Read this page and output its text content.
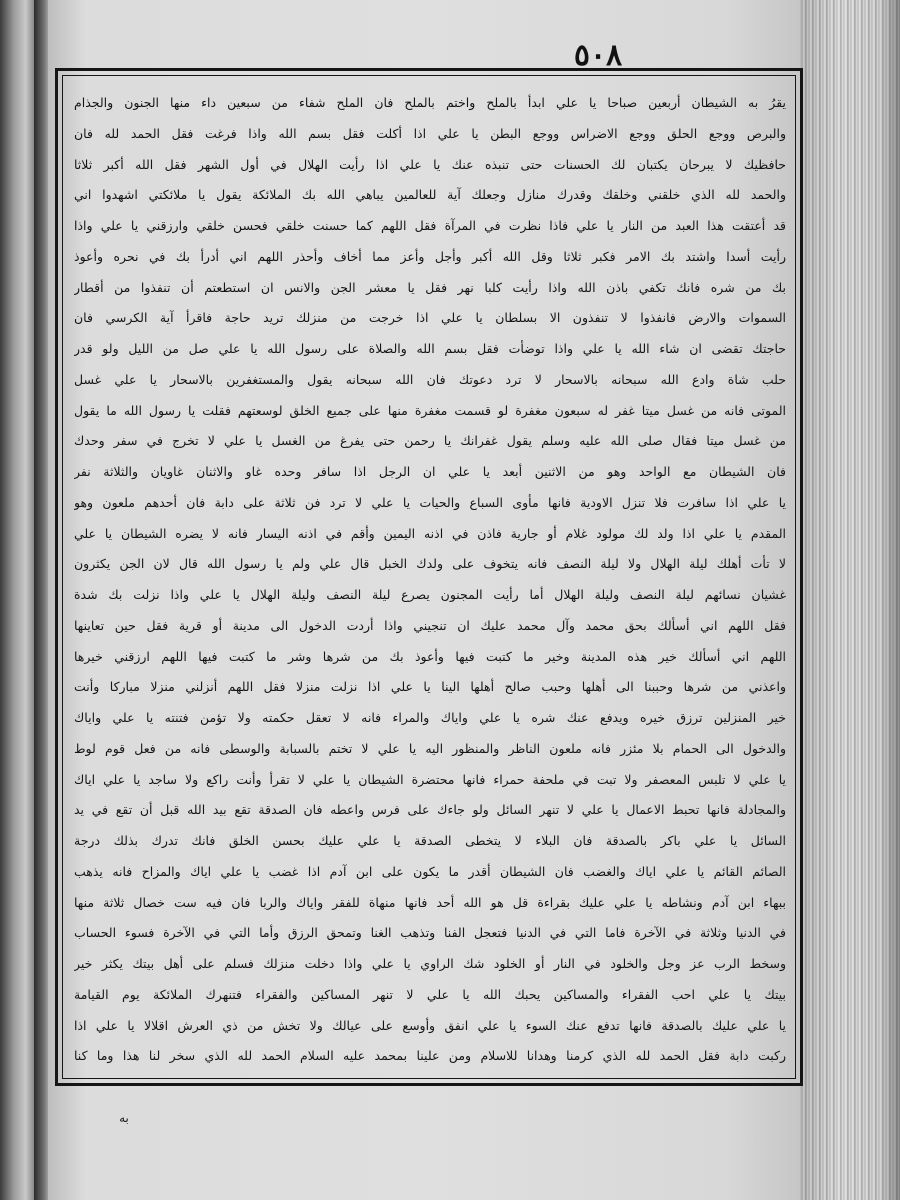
٥٠٨
يقرُ به الشيطان أربعين صباحا يا علي ابدأ بالملح واختم بالملح فان الملح شفاء من سبعين داء منها الجنون والجذام
والبرص ووجع الحلق ووجع الاضراس ووجع البطن يا علي اذا أكلت فقل بسم الله واذا فرغت فقل الحمد لله فان
حافظيك لا يبرحان يكتبان لك الحسنات حتى تنبذه عنك يا علي اذا رأيت الهلال في أول الشهر فقل الله أكبر ثلاثا
والحمد لله الذي خلقني وخلقك وقدرك منازل وجعلك آية للعالمين يباهي الله بك الملائكة يقول يا ملائكتي اشهدوا اني
قد أعتقت هذا العبد من النار يا علي فاذا نظرت في المرآة فقل اللهم كما حسنت خلقي فحسن خلقي وارزقني يا علي واذا
رأيت أسدا واشتد بك الامر فكبر ثلاثا وقل الله أكبر وأجل وأعز مما أخاف وأحذر اللهم اني أدرأ بك في نحره وأعوذ
بك من شره فانك تكفي باذن الله واذا رأيت كلبا نهر فقل يا معشر الجن والانس ان استطعتم أن تنفذوا من أقطار
السموات والارض فانفذوا لا تنفذون الا بسلطان يا علي اذا خرجت من منزلك تريد حاجة فاقرأ آية الكرسي فان
حاجتك تقضى ان شاء الله يا علي واذا توضأت فقل بسم الله والصلاة على رسول الله يا علي صل من الليل ولو قدر
حلب شاة وادع الله سبحانه بالاسحار لا ترد دعوتك فان الله سبحانه يقول والمستغفرين بالاسحار يا علي غسل
الموتى فانه من غسل ميتا غفر له سبعون مغفرة لو قسمت مغفرة منها على جميع الخلق لوسعتهم فقلت يا رسول الله ما يقول
من غسل ميتا فقال صلى الله عليه وسلم يقول غفرانك يا رحمن حتى يفرغ من الغسل يا علي لا تخرج في سفر وحدك
فان الشيطان مع الواحد وهو من الاثنين أبعد يا علي ان الرجل اذا سافر وحده غاو والاثنان غاويان والثلاثة نفر
يا علي اذا سافرت فلا تنزل الاودية فانها مأوى السباع والحيات يا علي لا ترد فن ثلاثة على دابة فان أحدهم ملعون وهو
المقدم يا علي اذا ولد لك مولود غلام أو جارية فاذن في اذنه اليمين وأقم في اذنه اليسار فانه لا يضره الشيطان يا علي
لا تأت أهلك ليلة الهلال ولا ليلة النصف فانه يتخوف على ولدك الخبل قال علي ولم يا رسول الله قال لان الجن يكثرون
غشيان نسائهم ليلة النصف وليلة الهلال أما رأيت المجنون يصرع ليلة النصف وليلة الهلال يا علي واذا نزلت بك شدة
فقل اللهم اني أسألك بحق محمد وآل محمد عليك ان تنجيني واذا أردت الدخول الى مدينة أو قرية فقل حين تعاينها
اللهم اني أسألك خير هذه المدينة وخير ما كتبت فيها وأعوذ بك من شرها وشر ما كتبت فيها اللهم ارزقني خيرها
واعذني من شرها وحببنا الى أهلها وحبب صالح أهلها الينا يا علي اذا نزلت منزلا فقل اللهم أنزلني منزلا مباركا وأنت
خير المنزلين ترزق خيره ويدفع عنك شره يا علي واياك والمراء فانه لا تعقل حكمته ولا تؤمن فتنته يا علي واياك
والدخول الى الحمام بلا مئزر فانه ملعون الناظر والمنظور اليه يا علي لا تختم بالسبابة والوسطى فانه من فعل قوم لوط
يا علي لا تلبس المعصفر ولا تبت في ملحفة حمراء فانها محتضرة الشيطان يا علي لا تقرأ وأنت راكع ولا ساجد يا علي اياك
والمجادلة فانها تحبط الاعمال يا علي لا تنهر السائل ولو جاءك على فرس واعطه فان الصدقة تقع بيد الله قبل أن تقع في يد
السائل يا علي باكر بالصدقة فان البلاء لا يتخطى الصدقة يا علي عليك بحسن الخلق فانك تدرك بذلك درجة
الصائم القائم يا علي اياك والغضب فان الشيطان أقدر ما يكون على ابن آدم اذا غضب يا علي اياك والمزاح فانه يذهب
ببهاء ابن آدم ونشاطه يا علي عليك بقراءة قل هو الله أحد فانها منهاة للفقر واياك والربا فان فيه ست خصال ثلاثة منها
في الدنيا وثلاثة في الآخرة فاما التي في الدنيا فتعجل الفنا وتذهب الغنا وتمحق الرزق وأما التي في الآخرة فسوء الحساب
وسخط الرب عز وجل والخلود في النار أو الخلود شك الراوي يا علي واذا دخلت منزلك فسلم على أهل بيتك يكثر خير
بيتك يا علي احب الفقراء والمساكين يحبك الله يا علي لا تنهر المساكين والفقراء فتنهرك الملائكة يوم القيامة
يا علي عليك بالصدقة فانها تدفع عنك السوء يا علي انفق وأوسع على عيالك ولا تخش من ذي العرش اقلالا يا علي اذا
ركبت دابة فقل الحمد لله الذي كرمنا وهدانا للاسلام ومن علينا بمحمد عليه السلام الحمد لله الذي سخر لنا هذا وما كنا
به
